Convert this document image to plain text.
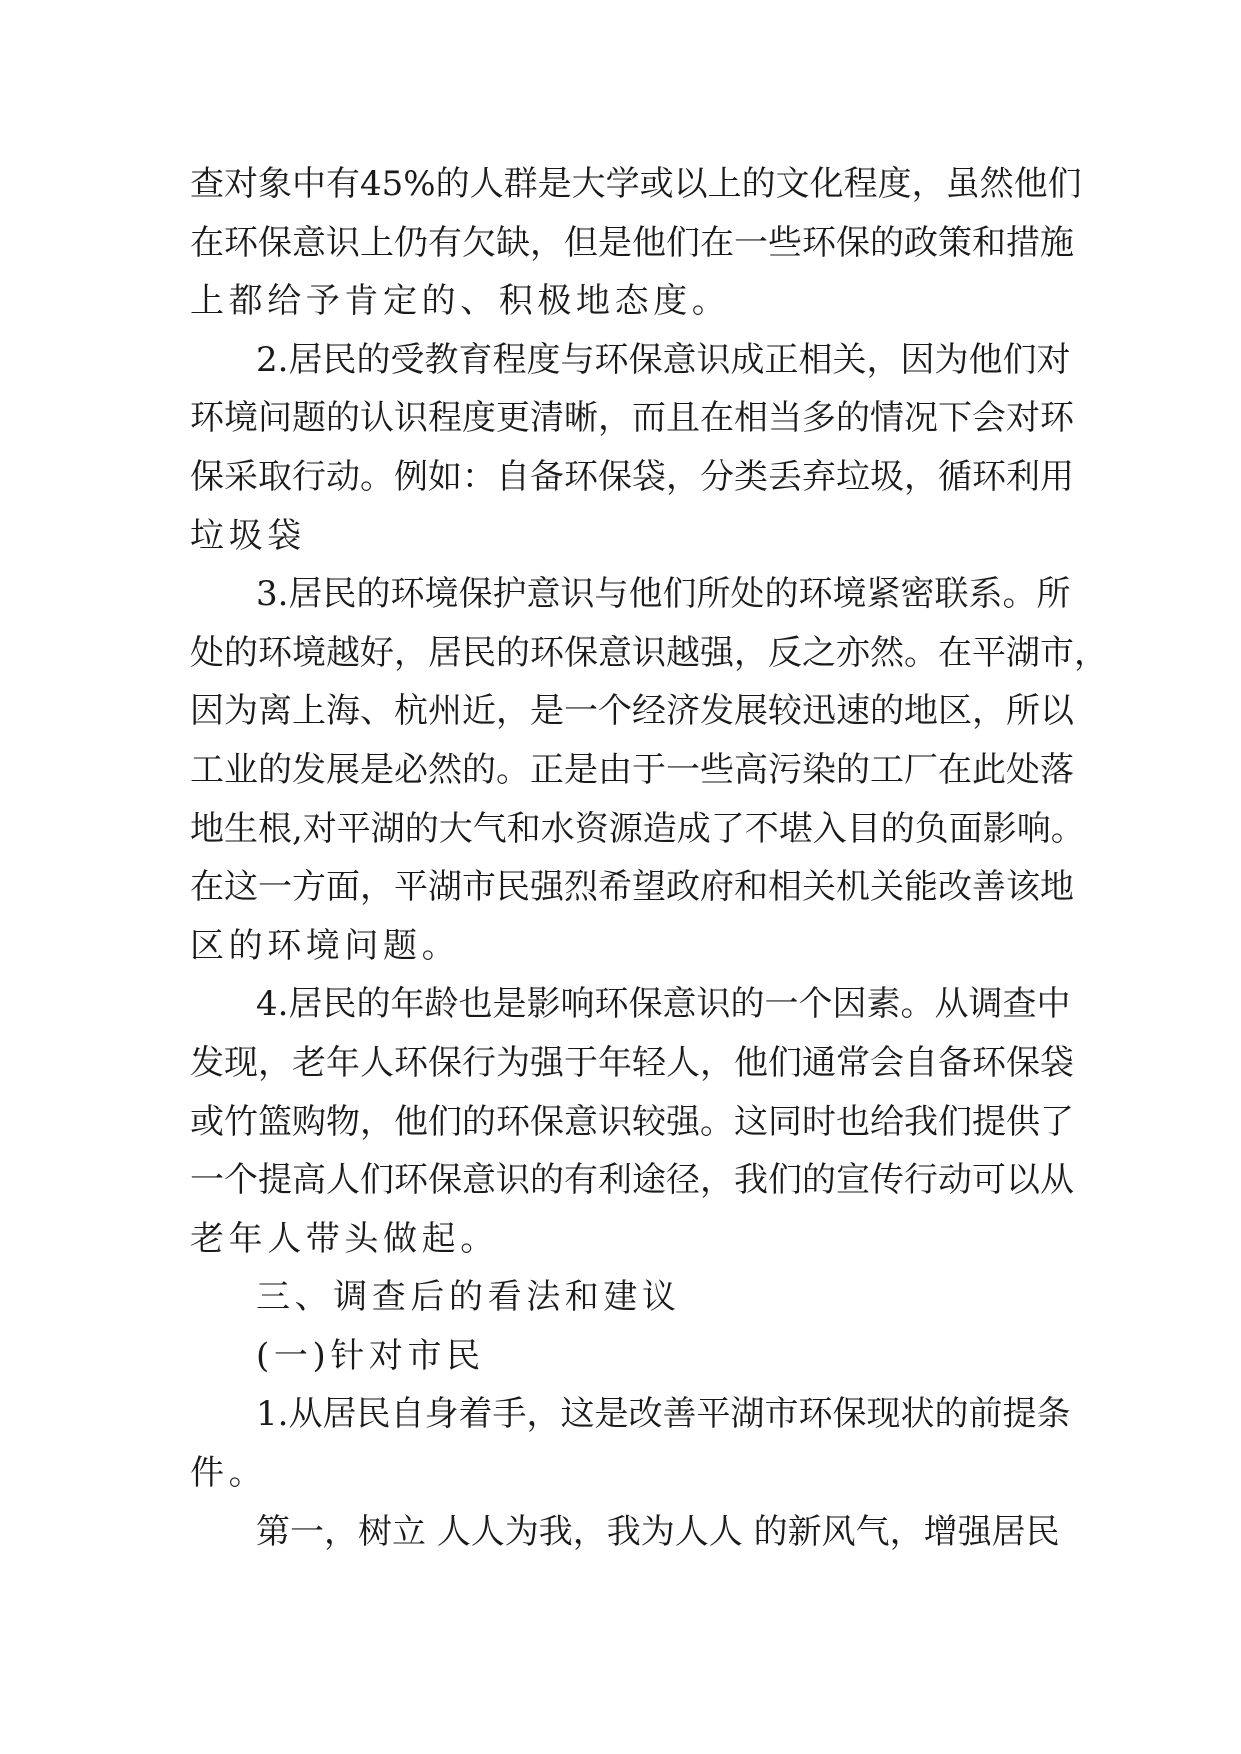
查对象中有45%的人群是大学或以上的文化程度，虽然他们
在环保意识上仍有欠缺，但是他们在一些环保的政策和措施
上都给予肯定的、积极地态度。
2.居民的受教育程度与环保意识成正相关，因为他们对
环境问题的认识程度更清晰，而且在相当多的情况下会对环
保采取行动。例如：自备环保袋，分类丢弃垃圾，循环利用
垃圾袋
3.居民的环境保护意识与他们所处的环境紧密联系。所
处的环境越好，居民的环保意识越强，反之亦然。在平湖市，
因为离上海、杭州近，是一个经济发展较迅速的地区，所以
工业的发展是必然的。正是由于一些高污染的工厂在此处落
地生根,对平湖的大气和水资源造成了不堪入目的负面影响。
在这一方面，平湖市民强烈希望政府和相关机关能改善该地
区的环境问题。
4.居民的年龄也是影响环保意识的一个因素。从调查中
发现，老年人环保行为强于年轻人，他们通常会自备环保袋
或竹篮购物，他们的环保意识较强。这同时也给我们提供了
一个提高人们环保意识的有利途径，我们的宣传行动可以从
老年人带头做起。
三、调查后的看法和建议
(一)针对市民
1.从居民自身着手，这是改善平湖市环保现状的前提条
件。
第一，树立 人人为我，我为人人 的新风气，增强居民
